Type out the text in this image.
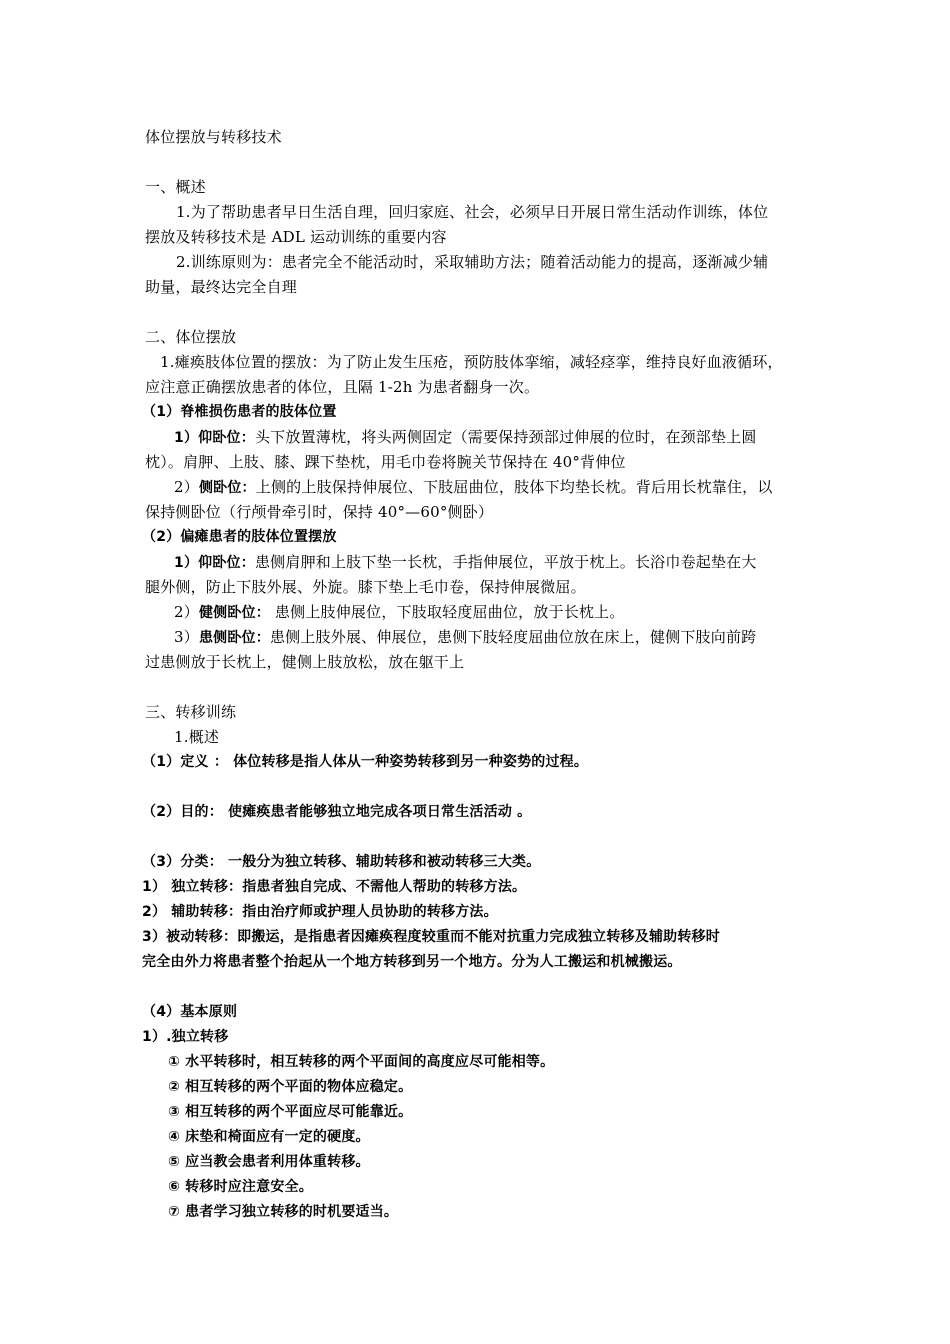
体位摆放与转移技术
一、概述
1.为了帮助患者早日生活自理，回归家庭、社会，必须早日开展日常生活动作训练，体位
摆放及转移技术是 ADL 运动训练的重要内容
2.训练原则为：患者完全不能活动时，采取辅助方法；随着活动能力的提高，逐渐减少辅
助量，最终达完全自理
二、体位摆放
1.瘫痪肢体位置的摆放：为了防止发生压疮，预防肢体挛缩，减轻痉挛，维持良好血液循环，
应注意正确摆放患者的体位，且隔 1-2h 为患者翻身一次。
（1）脊椎损伤患者的肢体位置
1）仰卧位：头下放置薄枕，将头两侧固定（需要保持颈部过伸展的位时，在颈部垫上圆
枕）。肩胛、上肢、膝、踝下垫枕，用毛巾卷将腕关节保持在 40°背伸位
2）侧卧位：上侧的上肢保持伸展位、下肢屈曲位，肢体下均垫长枕。背后用长枕靠住，以
保持侧卧位（行颅骨牵引时，保持 40°—60°侧卧）
（2）偏瘫患者的肢体位置摆放
1）仰卧位：患侧肩胛和上肢下垫一长枕，手指伸展位，平放于枕上。长浴巾卷起垫在大
腿外侧，防止下肢外展、外旋。膝下垫上毛巾卷，保持伸展微屈。
2）健侧卧位： 患侧上肢伸展位，下肢取轻度屈曲位，放于长枕上。
3）患侧卧位：患侧上肢外展、伸展位，患侧下肢轻度屈曲位放在床上，健侧下肢向前跨
过患侧放于长枕上，健侧上肢放松，放在躯干上
三、转移训练
1.概述
（1）定义 ： 体位转移是指人体从一种姿势转移到另一种姿势的过程。
（2）目的： 使瘫痪患者能够独立地完成各项日常生活活动 。
（3）分类： 一般分为独立转移、辅助转移和被动转移三大类。
1） 独立转移：指患者独自完成、不需他人帮助的转移方法。
2） 辅助转移：指由治疗师或护理人员协助的转移方法。
3）被动转移：即搬运，是指患者因瘫痪程度较重而不能对抗重力完成独立转移及辅助转移时
完全由外力将患者整个抬起从一个地方转移到另一个地方。分为人工搬运和机械搬运。
（4）基本原则
1）.独立转移
① 水平转移时，相互转移的两个平面间的高度应尽可能相等。
② 相互转移的两个平面的物体应稳定。
③ 相互转移的两个平面应尽可能靠近。
④ 床垫和椅面应有一定的硬度。
⑤ 应当教会患者利用体重转移。
⑥ 转移时应注意安全。
⑦ 患者学习独立转移的时机要适当。
